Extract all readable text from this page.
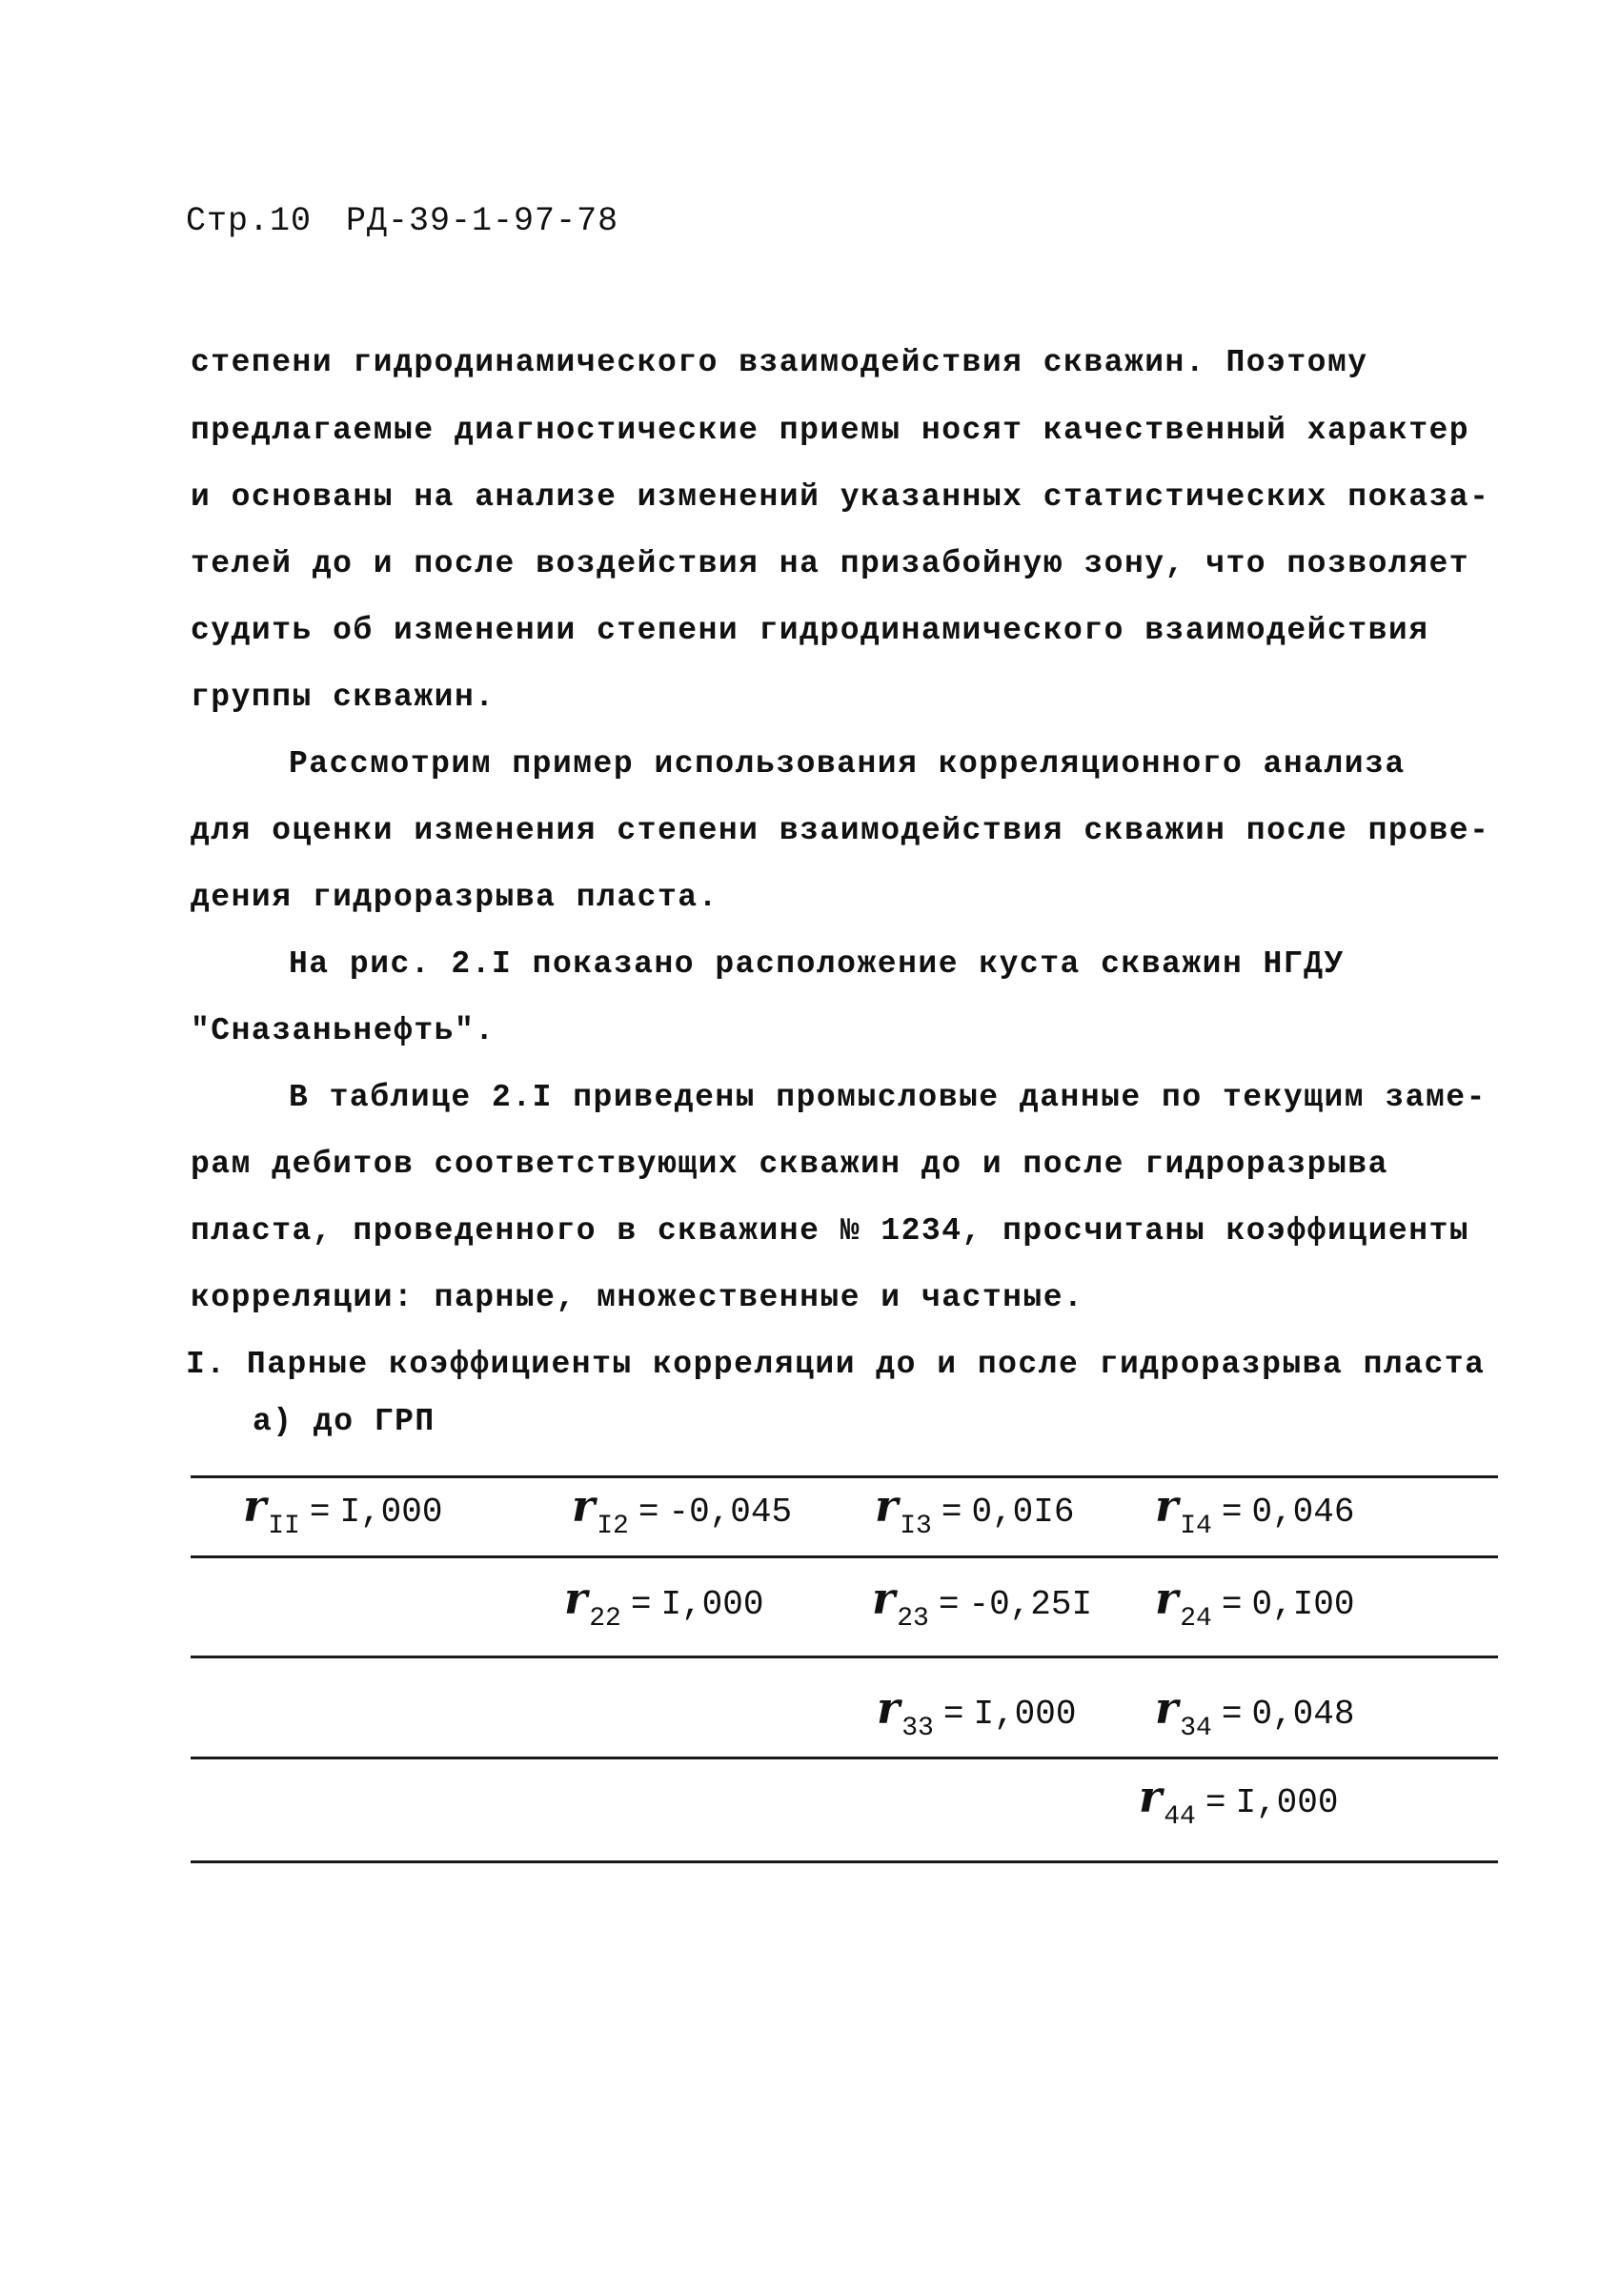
Стр.10 РД-39-1-97-78
степени гидродинамического взаимодействия скважин. Поэтому
предлагаемые диагностические приемы носят качественный характер
и основаны на анализе изменений указанных статистических показа-
телей до и после воздействия на призабойную зону, что позволяет
судить об изменении степени гидродинамического взаимодействия
группы скважин.
Рассмотрим пример использования корреляционного анализа
для оценки изменения степени взаимодействия скважин после прове-
дения гидроразрыва пласта.
На рис. 2.I показано расположение куста скважин НГДУ
"Сназаньнефть".
В таблице 2.I приведены промысловые данные по текущим заме-
рам дебитов соответствующих скважин до и после гидроразрыва
пласта, проведенного в скважине № 1234, просчитаны коэффициенты
корреляции: парные, множественные и частные.
I. Парные коэффициенты корреляции до и после гидроразрыва пласта
а) до ГРП
$r_{II} = I,000$	$r_{I2} = -0,045$ $r_{I3} = 0,0I6$ $r_{I4} = 0,046$
$r_{22} = I,000$ $r_{23} = -0,25I$ $r_{24} = 0,I00$
$r_{33} = I,000$ $r_{34} = 0,048$
$r_{44} = I,000$
